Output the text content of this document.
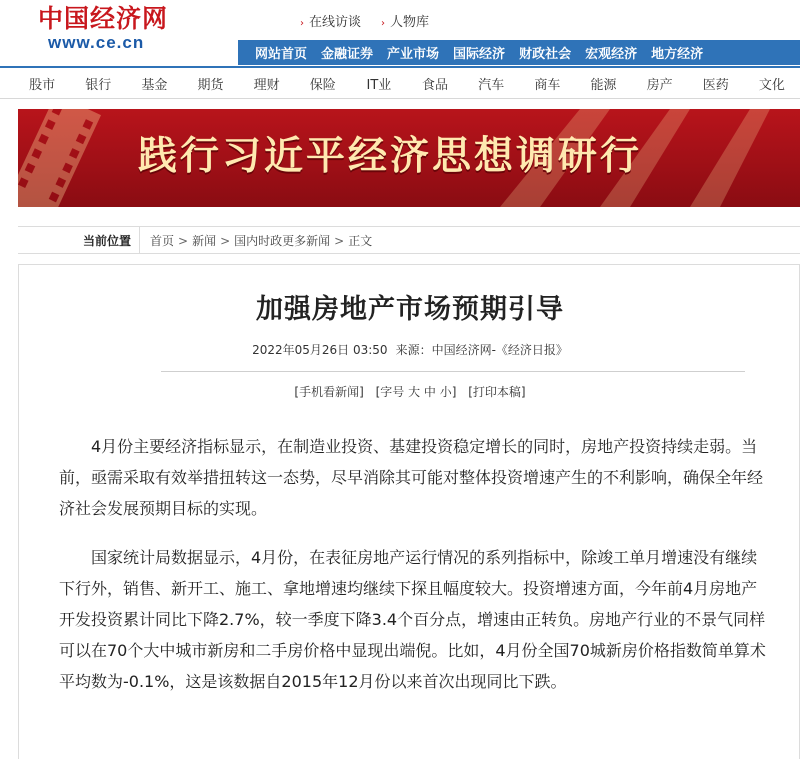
中国经济网
www.ce.cn
› 在线访谈 › 人物库
网站首页 金融证券 产业市场 国际经济 财政社会 宏观经济 地方经济
股市	银行	基金	期货	理财	保险	IT业	食品	汽车	商车	能源	房产	医药	文化
践行习近平经济思想调研行
当前位置	首页 > 新闻 > 国内时政更多新闻 > 正文
加强房地产市场预期引导
2022年05月26日 03:50 来源：中国经济网-《经济日报》
[手机看新闻] [字号 大 中 小] [打印本稿]

4月份主要经济指标显示，在制造业投资、基建投资稳定增长的同时，房地产投资持续走弱。当前，亟需采取有效举措扭转这一态势，尽早消除其可能对整体投资增速产生的不利影响，确保全年经济社会发展预期目标的实现。

国家统计局数据显示，4月份，在表征房地产运行情况的系列指标中，除竣工单月增速没有继续下行外，销售、新开工、施工、拿地增速均继续下探且幅度较大。投资增速方面，今年前4月房地产开发投资累计同比下降2.7%，较一季度下降3.4个百分点，增速由正转负。房地产行业的不景气同样可以在70个大中城市新房和二手房价格中显现出端倪。比如，4月份全国70城新房价格指数简单算术平均数为-0.1%，这是该数据自2015年12月份以来首次出现同比下跌。
